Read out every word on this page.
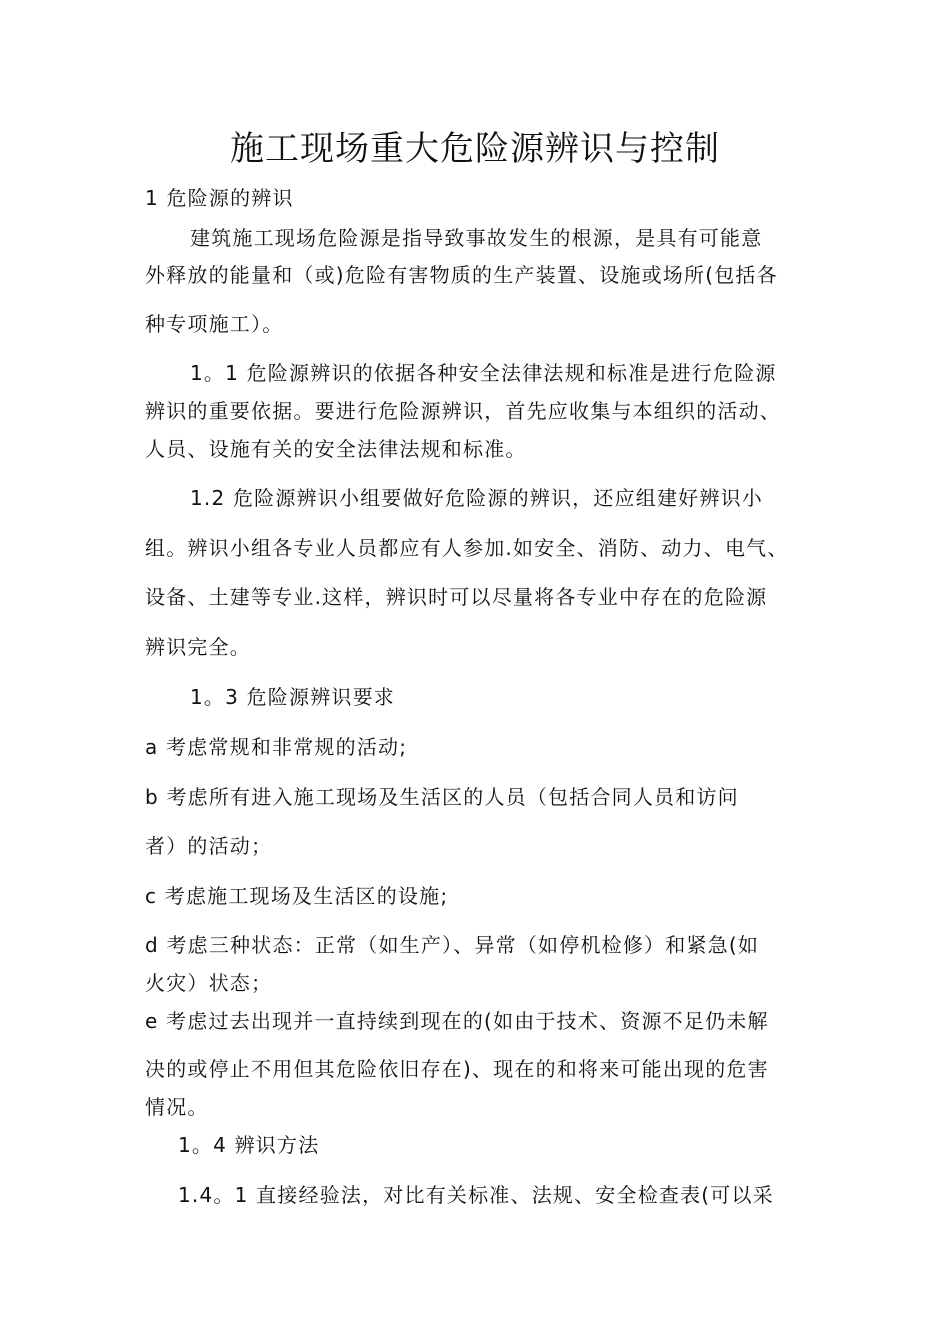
施工现场重大危险源辨识与控制
1 危险源的辨识
建筑施工现场危险源是指导致事故发生的根源，是具有可能意
外释放的能量和（或)危险有害物质的生产装置、设施或场所(包括各
种专项施工）。
1。1 危险源辨识的依据各种安全法律法规和标准是进行危险源
辨识的重要依据。要进行危险源辨识，首先应收集与本组织的活动、
人员、设施有关的安全法律法规和标准。
1.2 危险源辨识小组要做好危险源的辨识，还应组建好辨识小
组。辨识小组各专业人员都应有人参加.如安全、消防、动力、电气、
设备、土建等专业.这样，辨识时可以尽量将各专业中存在的危险源
辨识完全。
1。3 危险源辨识要求
a 考虑常规和非常规的活动;
b 考虑所有进入施工现场及生活区的人员（包括合同人员和访问
者）的活动；
c 考虑施工现场及生活区的设施;
d 考虑三种状态：正常（如生产）、异常（如停机检修）和紧急(如
火灾）状态；
e 考虑过去出现并一直持续到现在的(如由于技术、资源不足仍未解
决的或停止不用但其危险依旧存在)、现在的和将来可能出现的危害
情况。
1。4 辨识方法
1.4。1 直接经验法，对比有关标准、法规、安全检查表(可以采
